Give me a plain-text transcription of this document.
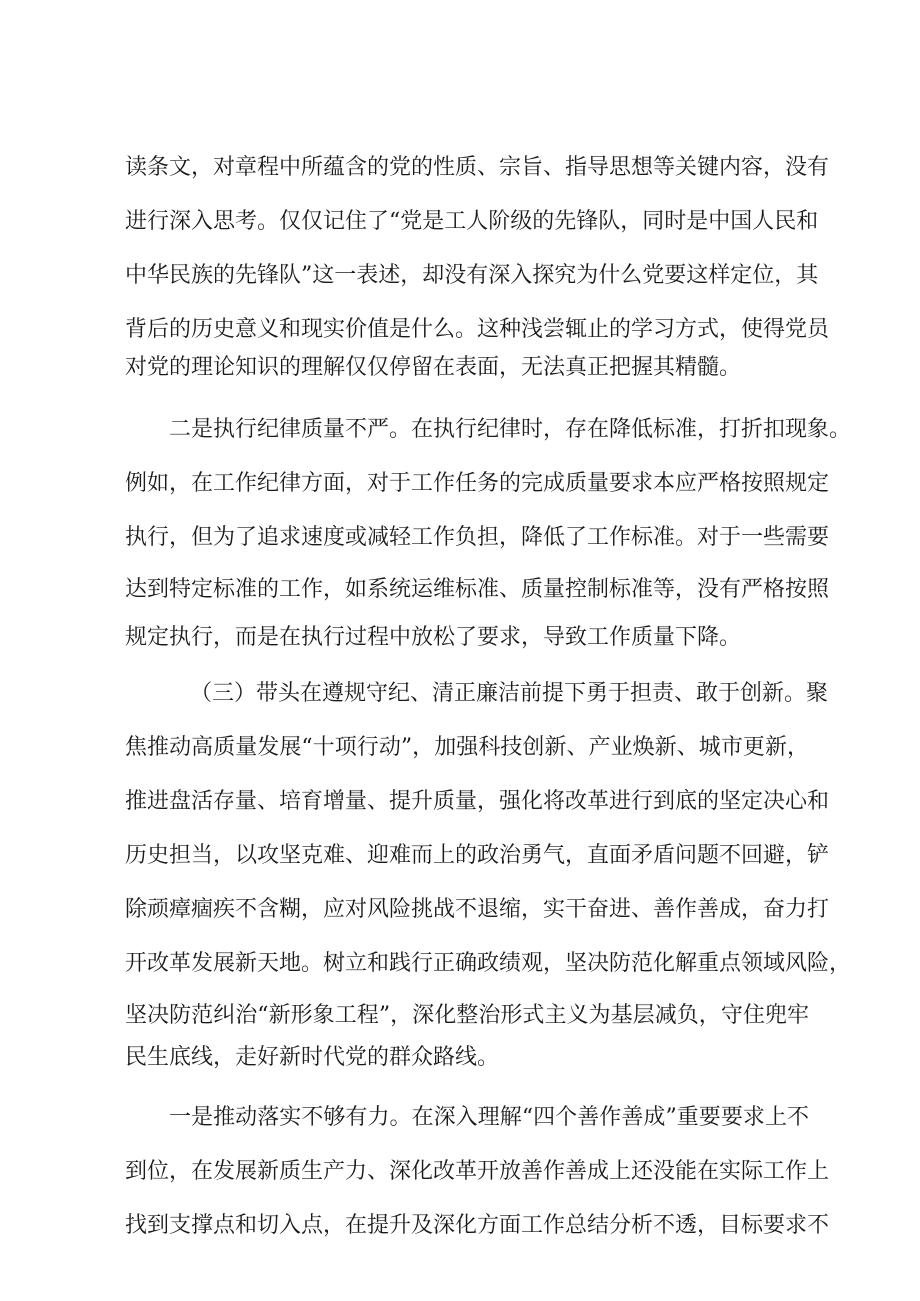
读条文，对章程中所蕴含的党的性质、宗旨、指导思想等关键内容，没有
进行深入思考。仅仅记住了“党是工人阶级的先锋队，同时是中国人民和
中华民族的先锋队”这一表述，却没有深入探究为什么党要这样定位，其
背后的历史意义和现实价值是什么。这种浅尝辄止的学习方式，使得党员
对党的理论知识的理解仅仅停留在表面，无法真正把握其精髓。
二是执行纪律质量不严。在执行纪律时，存在降低标准，打折扣现象。
例如，在工作纪律方面，对于工作任务的完成质量要求本应严格按照规定
执行，但为了追求速度或减轻工作负担，降低了工作标准。对于一些需要
达到特定标准的工作，如系统运维标准、质量控制标准等，没有严格按照
规定执行，而是在执行过程中放松了要求，导致工作质量下降。
（三）带头在遵规守纪、清正廉洁前提下勇于担责、敢于创新。聚
焦推动高质量发展“十项行动”，加强科技创新、产业焕新、城市更新，
推进盘活存量、培育增量、提升质量，强化将改革进行到底的坚定决心和
历史担当，以攻坚克难、迎难而上的政治勇气，直面矛盾问题不回避，铲
除顽瘴痼疾不含糊，应对风险挑战不退缩，实干奋进、善作善成，奋力打
开改革发展新天地。树立和践行正确政绩观，坚决防范化解重点领域风险，
坚决防范纠治“新形象工程”，深化整治形式主义为基层减负，守住兜牢
民生底线，走好新时代党的群众路线。
一是推动落实不够有力。在深入理解“四个善作善成”重要要求上不
到位，在发展新质生产力、深化改革开放善作善成上还没能在实际工作上
找到支撑点和切入点，在提升及深化方面工作总结分析不透，目标要求不
